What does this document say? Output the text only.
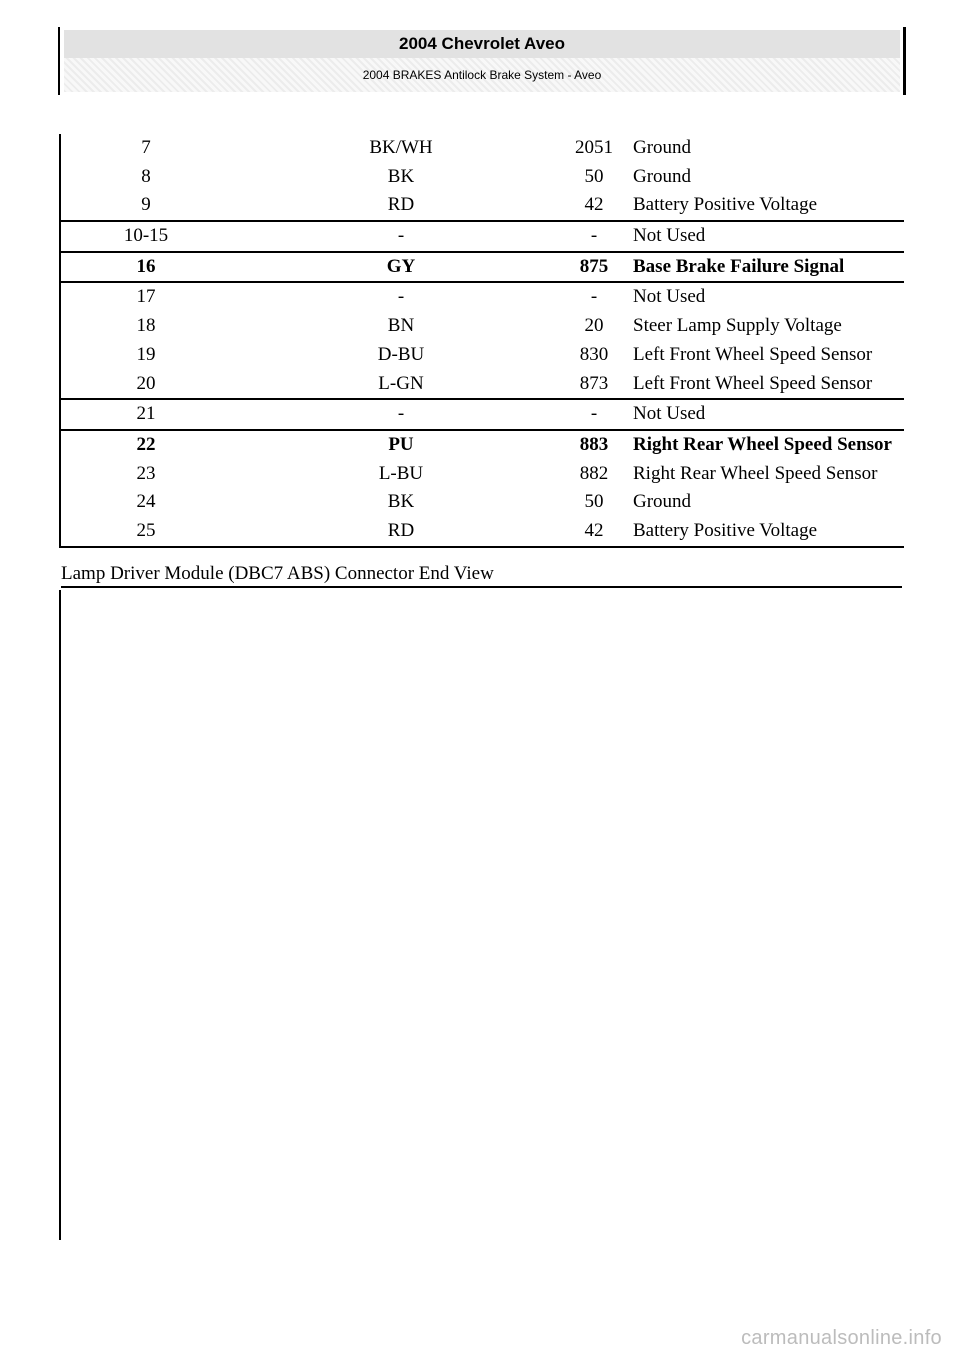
2004 Chevrolet Aveo
2004 BRAKES Antilock Brake System - Aveo
7	BK/WH	2051	Ground
8	BK	50	Ground
9	RD	42	Battery Positive Voltage
10-15	-	-	Not Used
16	GY	875	Base Brake Failure Signal
17	-	-	Not Used
18	BN	20	Steer Lamp Supply Voltage
19	D-BU	830	Left Front Wheel Speed Sensor
20	L-GN	873	Left Front Wheel Speed Sensor
21	-	-	Not Used
22	PU	883	Right Rear Wheel Speed Sensor
23	L-BU	882	Right Rear Wheel Speed Sensor
24	BK	50	Ground
25	RD	42	Battery Positive Voltage
Lamp Driver Module (DBC7 ABS) Connector End View
carmanualsonline.info
